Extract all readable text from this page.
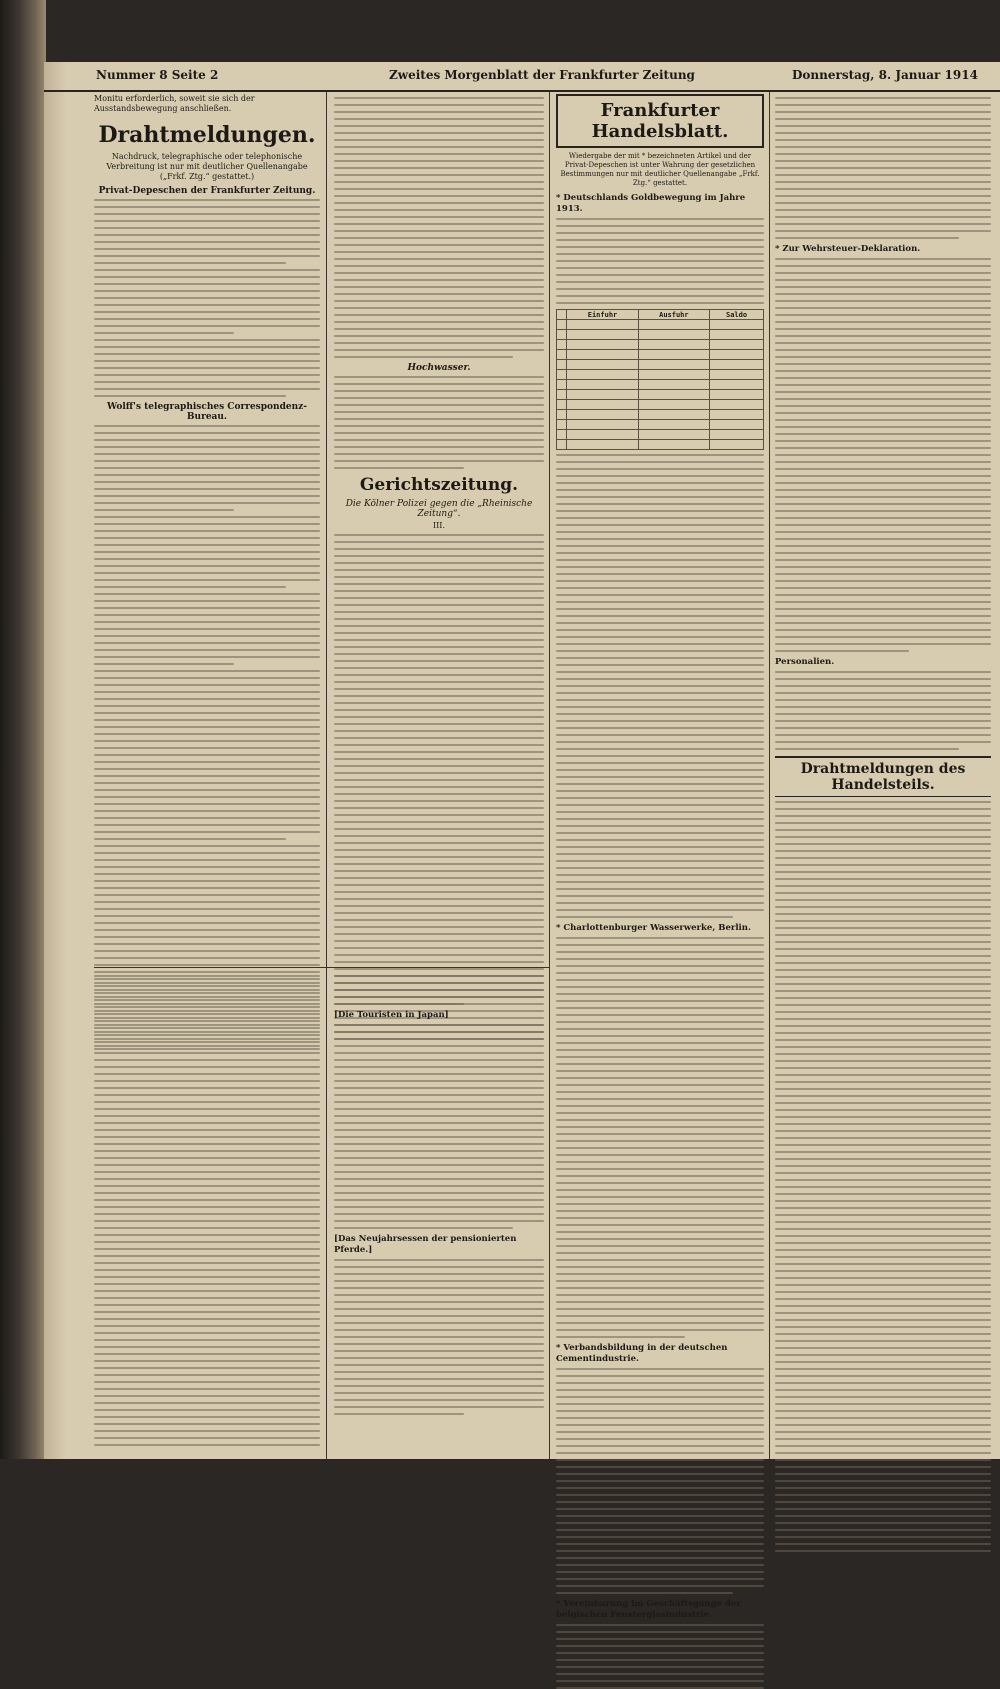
Nummer 8 Seite 2	Zweites Morgenblatt der Frankfurter Zeitung	Donnerstag, 8. Januar 1914
Monitu erforderlich, soweit sie sich der Ausstandsbewegung anschließen.
Drahtmeldungen.
Nachdruck, telegraphische oder telephonische Verbreitung ist nur mit deutlicher Quellenangabe („Frkf. Ztg.“ gestattet.)
Privat-Depeschen der Frankfurter Zeitung.
Wolff's telegraphisches Correspondenz-Bureau.
Hochwasser.
Gerichtszeitung.
Die Kölner Polizei gegen die „Rheinische Zeitung“.
III.
[Die Touristen in Japan]
[Das Neujahrsessen der pensionierten Pferde.]
Frankfurter Handelsblatt.
Wiedergabe der mit * bezeichneten Artikel und der Privat-Depeschen ist unter Wahrung der gesetzlichen Bestimmungen nur mit deutlicher Quellenangabe „Frkf. Ztg.“ gestattet.
* Deutschlands Goldbewegung im Jahre 1913.
	Einfuhr	Ausfuhr	Saldo

* Charlottenburger Wasserwerke, Berlin.
* Verbandsbildung in der deutschen Cementindustrie.
* Vereinbarung im Geschäftsgange der belgischen Fensterglasindustrie.
* Zur Wehrsteuer-Deklaration.
Personalien.
Drahtmeldungen des Handelsteils.
